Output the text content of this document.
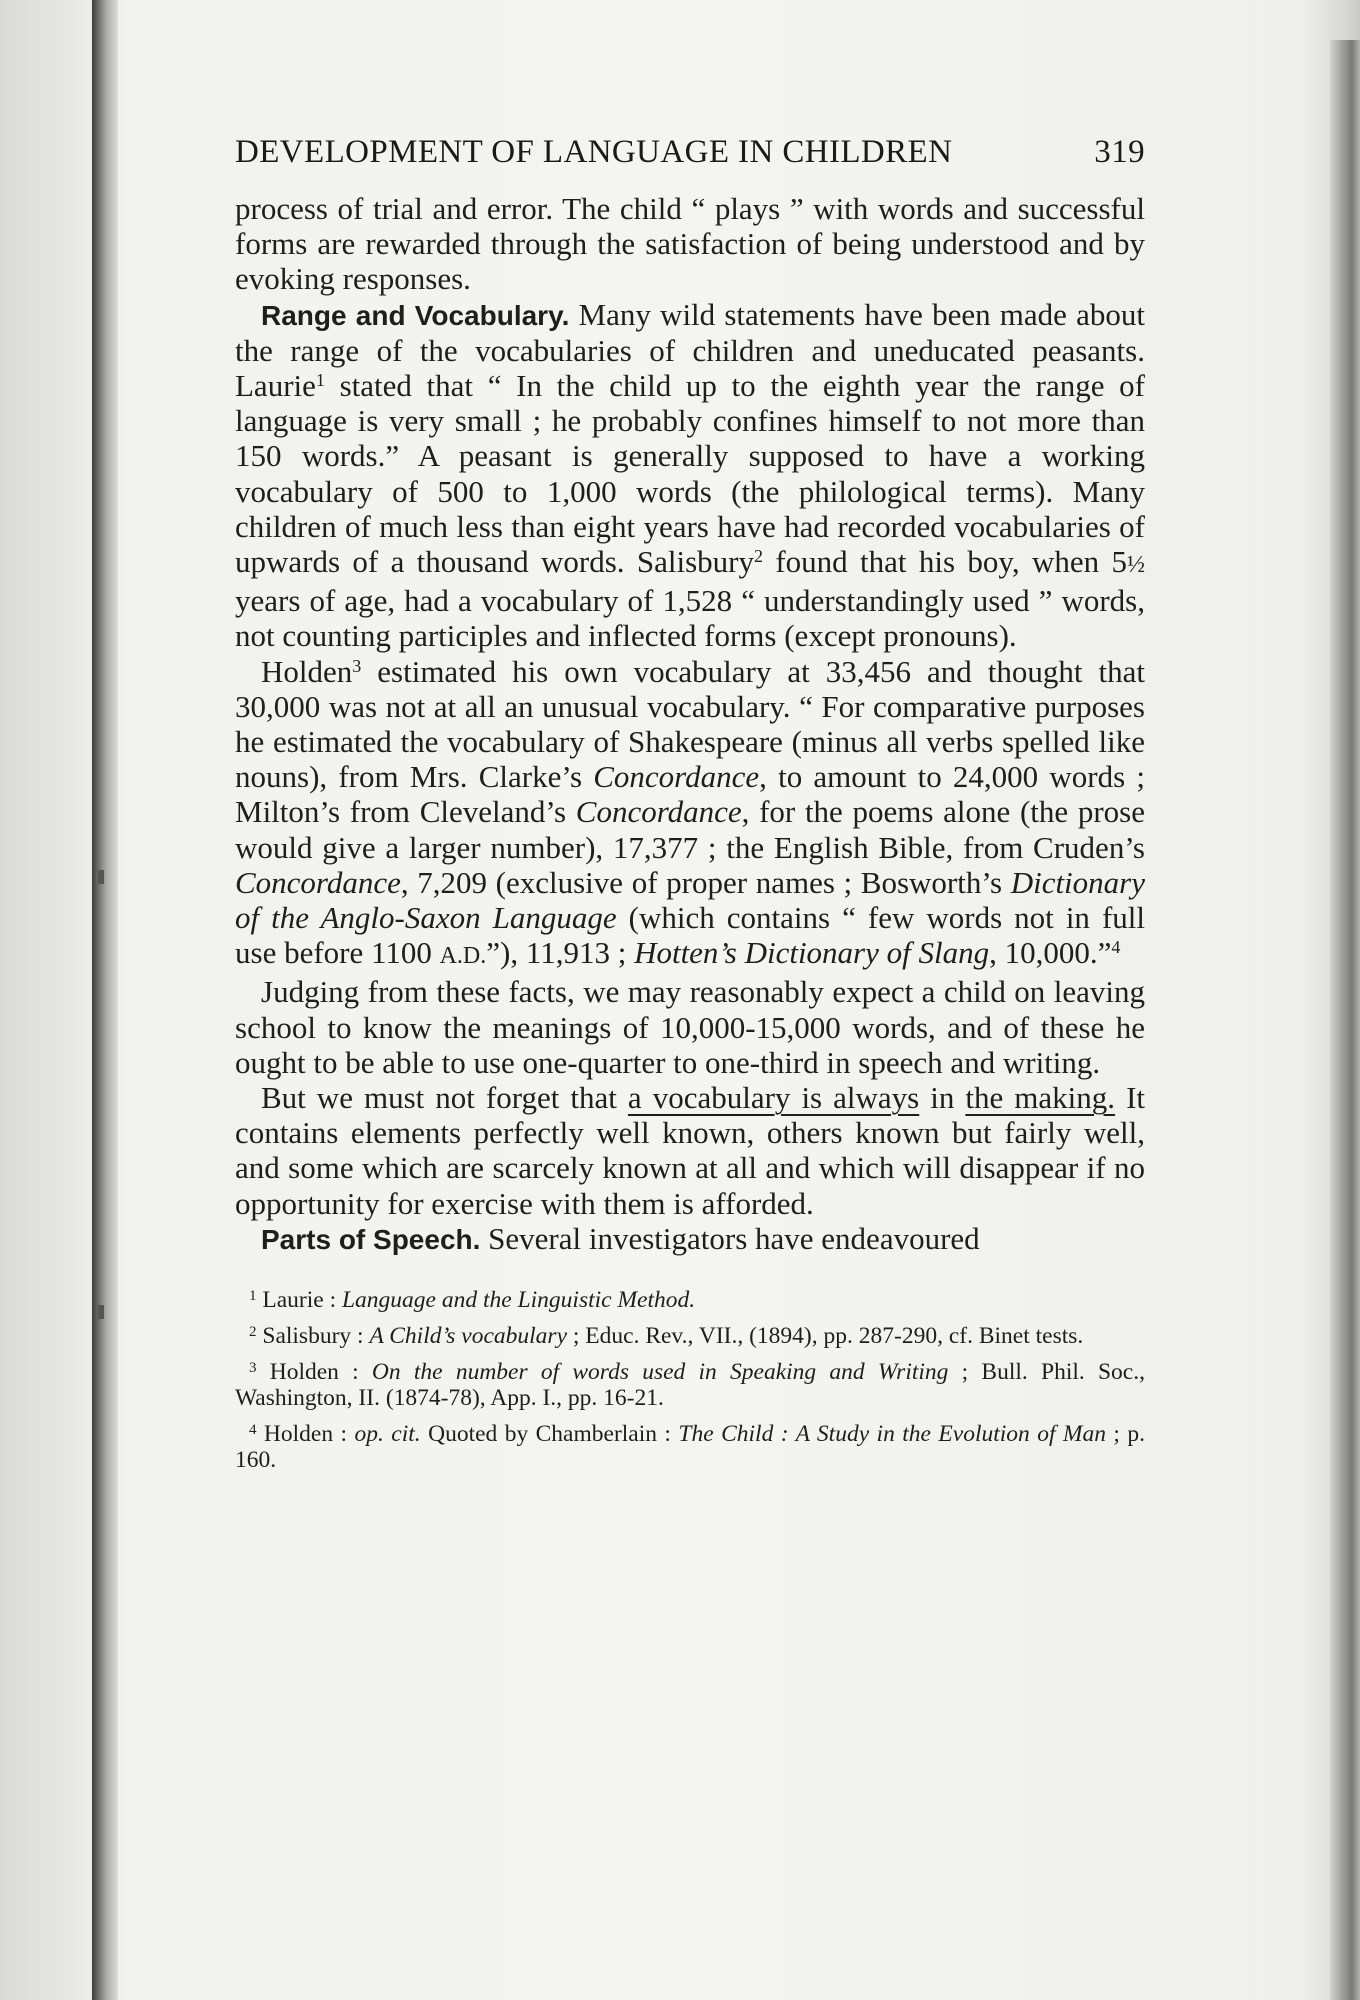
DEVELOPMENT OF LANGUAGE IN CHILDREN	319

process of trial and error. The child “ plays ” with words and successful forms are rewarded through the satisfaction of being understood and by evoking responses.

Range and Vocabulary. Many wild statements have been made about the range of the vocabularies of children and uneducated peasants. Laurie$^1$ stated that “ In the child up to the eighth year the range of language is very small ; he probably confines himself to not more than 150 words.” A peasant is generally supposed to have a working vocabulary of 500 to 1,000 words (the philological terms). Many children of much less than eight years have had recorded vocabularies of upwards of a thousand words. Salisbury$^2$ found that his boy, when 5½ years of age, had a vocabulary of 1,528 “ understandingly used ” words, not counting participles and inflected forms (except pronouns).

Holden$^3$ estimated his own vocabulary at 33,456 and thought that 30,000 was not at all an unusual vocabulary. “ For comparative purposes he estimated the vocabulary of Shakespeare (minus all verbs spelled like nouns), from Mrs. Clarke’s Concordance, to amount to 24,000 words ; Milton’s from Cleveland’s Concordance, for the poems alone (the prose would give a larger number), 17,377 ; the English Bible, from Cruden’s Concordance, 7,209 (exclusive of proper names ; Bosworth’s Dictionary of the Anglo-Saxon Language (which contains “ few words not in full use before 1100 A.D.”), 11,913 ; Hotten’s Dictionary of Slang, 10,000.”$^4$

Judging from these facts, we may reasonably expect a child on leaving school to know the meanings of 10,000-15,000 words, and of these he ought to be able to use one-quarter to one-third in speech and writing.

But we must not forget that a vocabulary is always in the making. It contains elements perfectly well known, others known but fairly well, and some which are scarcely known at all and which will disappear if no opportunity for exercise with them is afforded.

Parts of Speech. Several investigators have endeavoured

$^1$ Laurie : Language and the Linguistic Method.

$^2$ Salisbury : A Child’s vocabulary ; Educ. Rev., VII., (1894), pp. 287-290, cf. Binet tests.

$^3$ Holden : On the number of words used in Speaking and Writing ; Bull. Phil. Soc., Washington, II. (1874-78), App. I., pp. 16-21.

$^4$ Holden : op. cit. Quoted by Chamberlain : The Child : A Study in the Evolution of Man ; p. 160.
